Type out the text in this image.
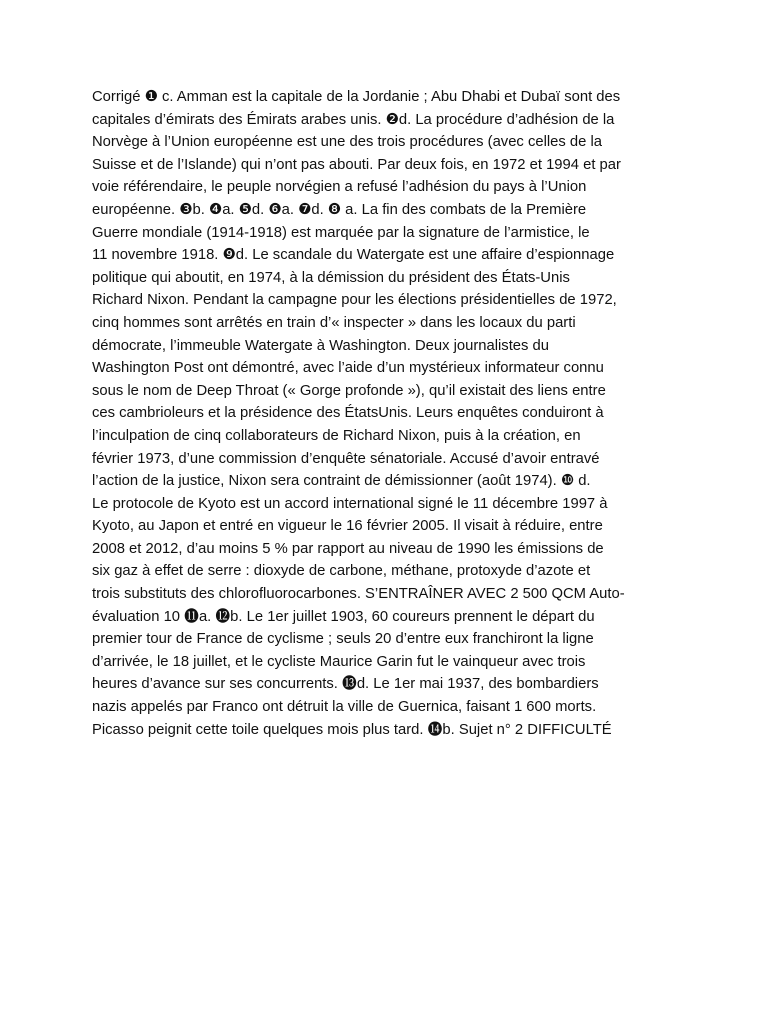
Corrigé ❶ c. Amman est la capitale de la Jordanie ; Abu Dhabi et Dubaï sont des
capitales d’émirats des Émirats arabes unis. ❷d. La procédure d’adhésion de la
Norvège à l’Union européenne est une des trois procédures (avec celles de la
Suisse et de l’Islande) qui n’ont pas abouti. Par deux fois, en 1972 et 1994 et par
voie référendaire, le peuple norvégien a refusé l’adhésion du pays à l’Union
européenne. ❸b. ❹a. ❺d. ❻a. ❼d. ❽ a. La fin des combats de la Première
Guerre mondiale (1914-1918) est marquée par la signature de l’armistice, le
11 novembre 1918. ❾d. Le scandale du Watergate est une affaire d’espionnage
politique qui aboutit, en 1974, à la démission du président des États-Unis
Richard Nixon. Pendant la campagne pour les élections présidentielles de 1972,
cinq hommes sont arrêtés en train d’« inspecter » dans les locaux du parti
démocrate, l’immeuble Watergate à Washington. Deux journalistes du
Washington Post ont démontré, avec l’aide d’un mystérieux informateur connu
sous le nom de Deep Throat (« Gorge profonde »), qu’il existait des liens entre
ces cambrioleurs et la présidence des ÉtatsUnis. Leurs enquêtes conduiront à
l’inculpation de cinq collaborateurs de Richard Nixon, puis à la création, en
février 1973, d’une commission d’enquête sénatoriale. Accusé d’avoir entravé
l’action de la justice, Nixon sera contraint de démissionner (août 1974). ❿ d.
Le protocole de Kyoto est un accord international signé le 11 décembre 1997 à
Kyoto, au Japon et entré en vigueur le 16 février 2005. Il visait à réduire, entre
2008 et 2012, d’au moins 5 % par rapport au niveau de 1990 les émissions de
six gaz à effet de serre : dioxyde de carbone, méthane, protoxyde d’azote et
trois substituts des chlorofluorocarbones. S’ENTRAÎNER AVEC 2 500 QCM Auto-
évaluation 10 ⓫a. ⓬b. Le 1er juillet 1903, 60 coureurs prennent le départ du
premier tour de France de cyclisme ; seuls 20 d’entre eux franchiront la ligne
d’arrivée, le 18 juillet, et le cycliste Maurice Garin fut le vainqueur avec trois
heures d’avance sur ses concurrents. ⓭d. Le 1er mai 1937, des bombardiers
nazis appelés par Franco ont détruit la ville de Guernica, faisant 1 600 morts.
Picasso peignit cette toile quelques mois plus tard. ⓮b. Sujet n° 2 DIFFICULTÉ
